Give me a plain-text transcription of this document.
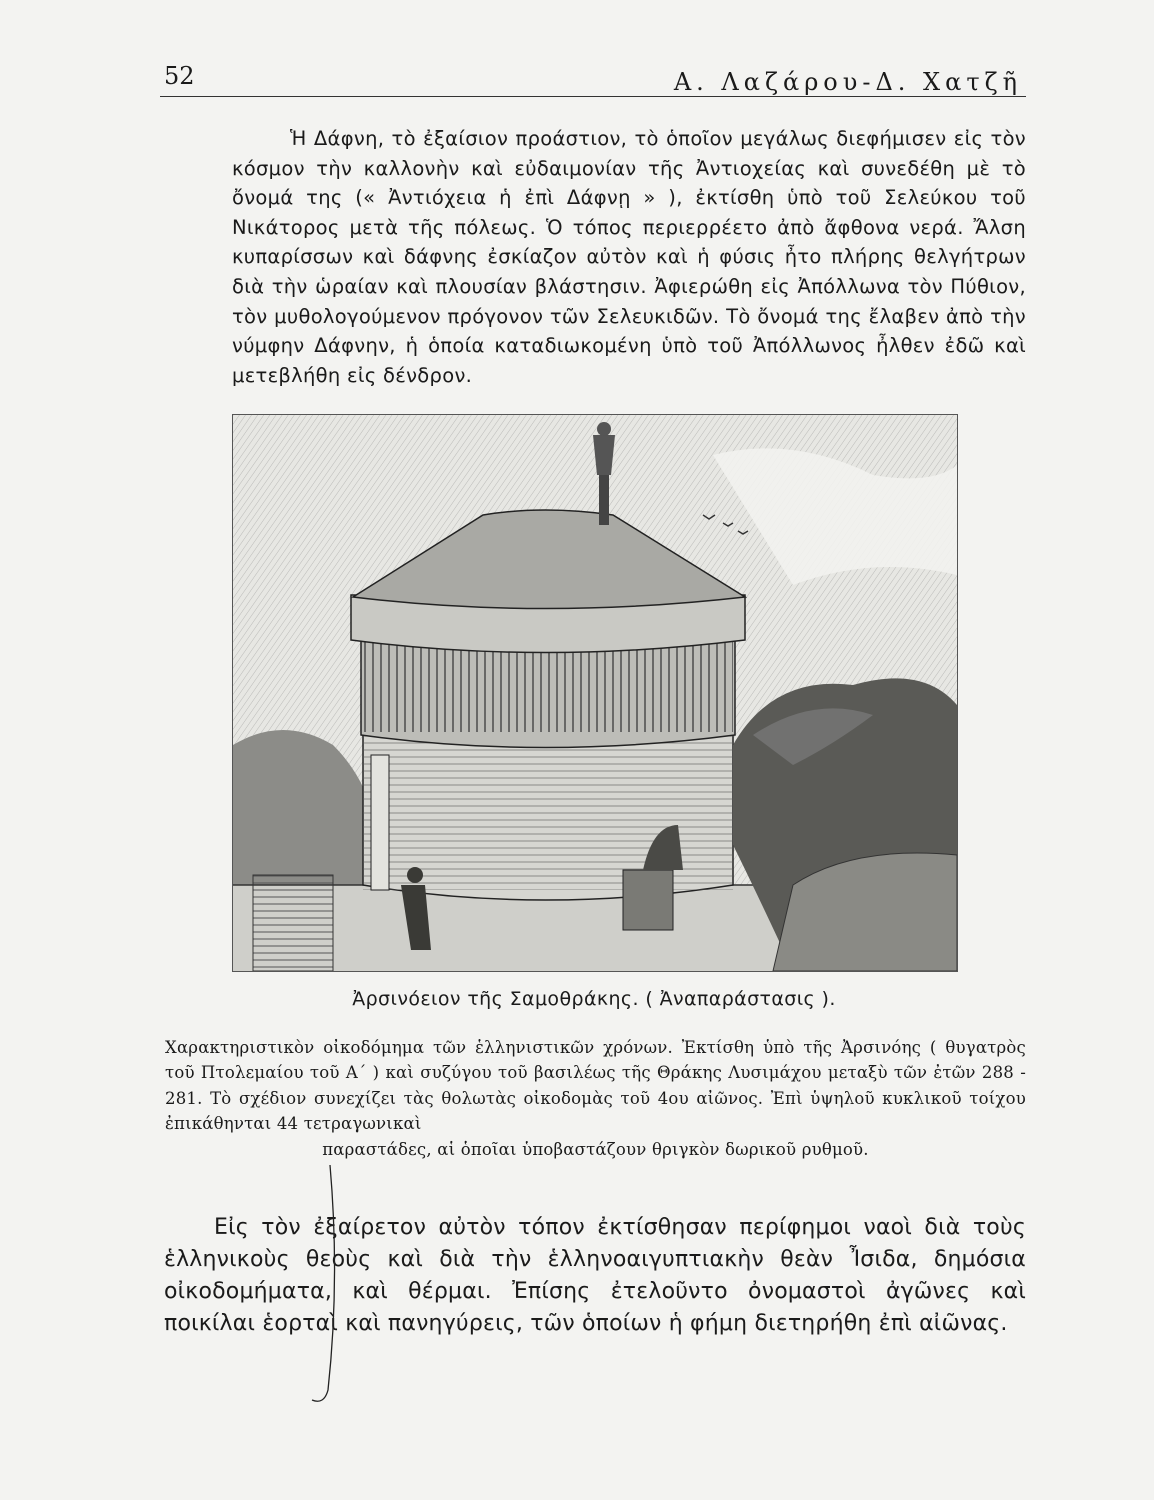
52	Α. Λαζάρου-Δ. Χατζῆ

Ἡ Δάφνη, τὸ ἐξαίσιον προάστιον, τὸ ὁποῖον μεγάλως διεφήμισεν εἰς τὸν κόσμον τὴν καλλονὴν καὶ εὐδαιμονίαν τῆς Ἀντιοχείας καὶ συνεδέθη μὲ τὸ ὄνομά της (« Ἀντιόχεια ἡ ἐπὶ Δάφνῃ » ), ἐκτίσθη ὑπὸ τοῦ Σελεύκου τοῦ Νικάτορος μετὰ τῆς πόλεως. Ὁ τόπος περιερρέετο ἀπὸ ἄφθονα νερά. Ἄλση κυπαρίσσων καὶ δάφνης ἐσκίαζον αὐτὸν καὶ ἡ φύσις ἦτο πλήρης θελγήτρων διὰ τὴν ὡραίαν καὶ πλουσίαν βλάστησιν. Ἀφιερώθη εἰς Ἀπόλλωνα τὸν Πύθιον, τὸν μυθολογούμενον πρόγονον τῶν Σελευκιδῶν. Τὸ ὄνομά της ἔλαβεν ἀπὸ τὴν νύμφην Δάφνην, ἡ ὁποία καταδιωκομένη ὑπὸ τοῦ Ἀπόλλωνος ἦλθεν ἐδῶ καὶ μετεβλήθη εἰς δένδρον.

Ἀρσινόειον τῆς Σαμοθράκης. ( Ἀναπαράστασις ).

Χαρακτηριστικὸν οἰκοδόμημα τῶν ἑλληνιστικῶν χρόνων. Ἐκτίσθη ὑπὸ τῆς Ἀρσινόης ( θυγατρὸς τοῦ Πτολεμαίου τοῦ Α΄ ) καὶ συζύγου τοῦ βασιλέως τῆς Θράκης Λυσιμάχου μεταξὺ τῶν ἐτῶν 288 - 281. Τὸ σχέδιον συνεχίζει τὰς θολωτὰς οἰκοδομὰς τοῦ 4ου αἰῶνος. Ἐπὶ ὑψηλοῦ κυκλικοῦ τοίχου ἐπικάθηνται 44 τετραγωνικαὶ

παραστάδες, αἱ ὁποῖαι ὑποβαστάζουν θριγκὸν δωρικοῦ ρυθμοῦ.

Εἰς τὸν ἐξαίρετον αὐτὸν τόπον ἐκτίσθησαν περίφημοι ναοὶ διὰ τοὺς ἑλληνικοὺς θεοὺς καὶ διὰ τὴν ἑλληνοαιγυπτιακὴν θεὰν Ἶσιδα, δημόσια οἰκοδομήματα, καὶ θέρμαι. Ἐπίσης ἐτελοῦντο ὀνομαστοὶ ἀγῶνες καὶ ποικίλαι ἑορταὶ καὶ πανηγύρεις, τῶν ὁποίων ἡ φήμη διετηρήθη ἐπὶ αἰῶνας.
